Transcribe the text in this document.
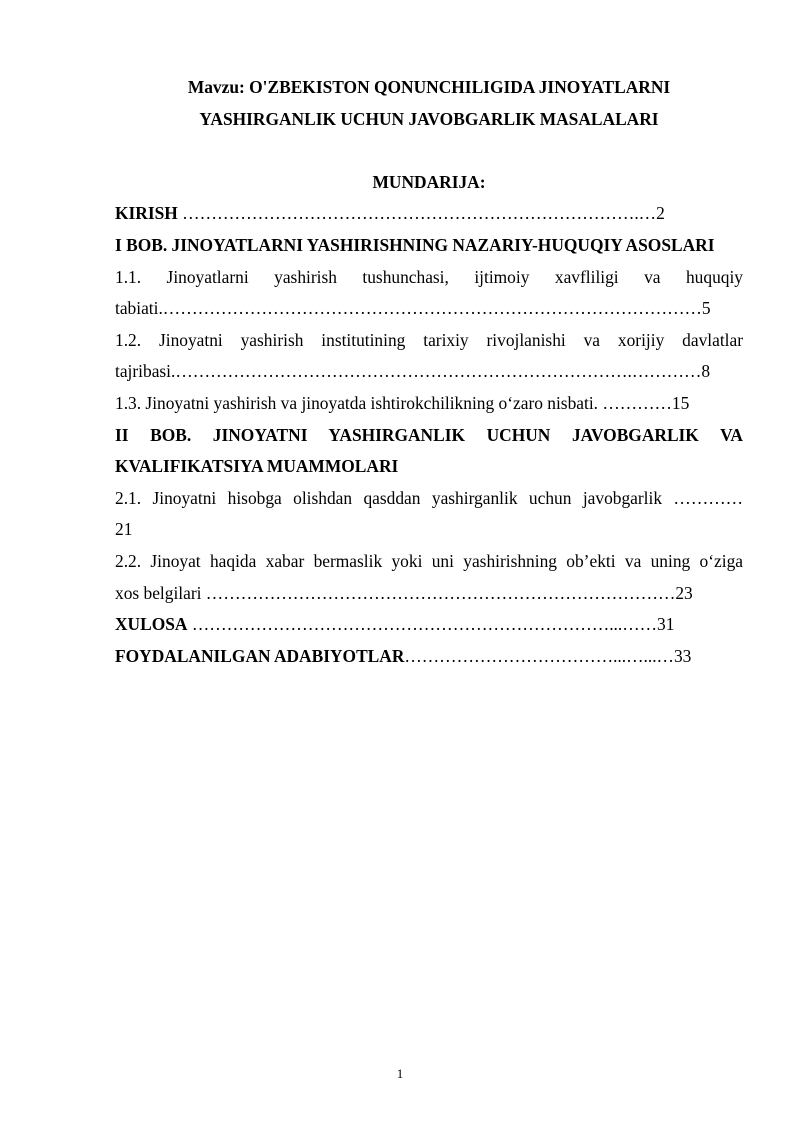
Mavzu: O'ZBEKISTON QONUNCHILIGIDA JINOYATLARNI

YASHIRGANLIK UCHUN JAVOBGARLIK MASALALARI

MUNDARIJA:

KIRISH …………………………………………………………………….…2

I BOB. JINOYATLARNI YASHIRISHNING NAZARIY-HUQUQIY ASOSLARI

1.1. Jinoyatlarni yashirish tushunchasi, ijtimoiy xavfliligi va huquqiy

tabiati.…………………………………………………………………………………5

1.2. Jinoyatni yashirish institutining tarixiy rivojlanishi va xorijiy davlatlar

tajribasi.…………………………………………………………………….…………8

1.3. Jinoyatni yashirish va jinoyatda ishtirokchilikning o‘zaro nisbati. …………15

II BOB. JINOYATNI YASHIRGANLIK UCHUN JAVOBGARLIK VA KVALIFIKATSIYA MUAMMOLARI

2.1. Jinoyatni hisobga olishdan qasddan yashirganlik uchun javobgarlik …………

21

2.2. Jinoyat haqida xabar bermaslik yoki uni yashirishning ob’ekti va uning o‘ziga

xos belgilari ………………………………………………………………………23

XULOSA ………………………………………………………………...……31

FOYDALANILGAN ADABIYOTLAR………………………………...…...…33

1
